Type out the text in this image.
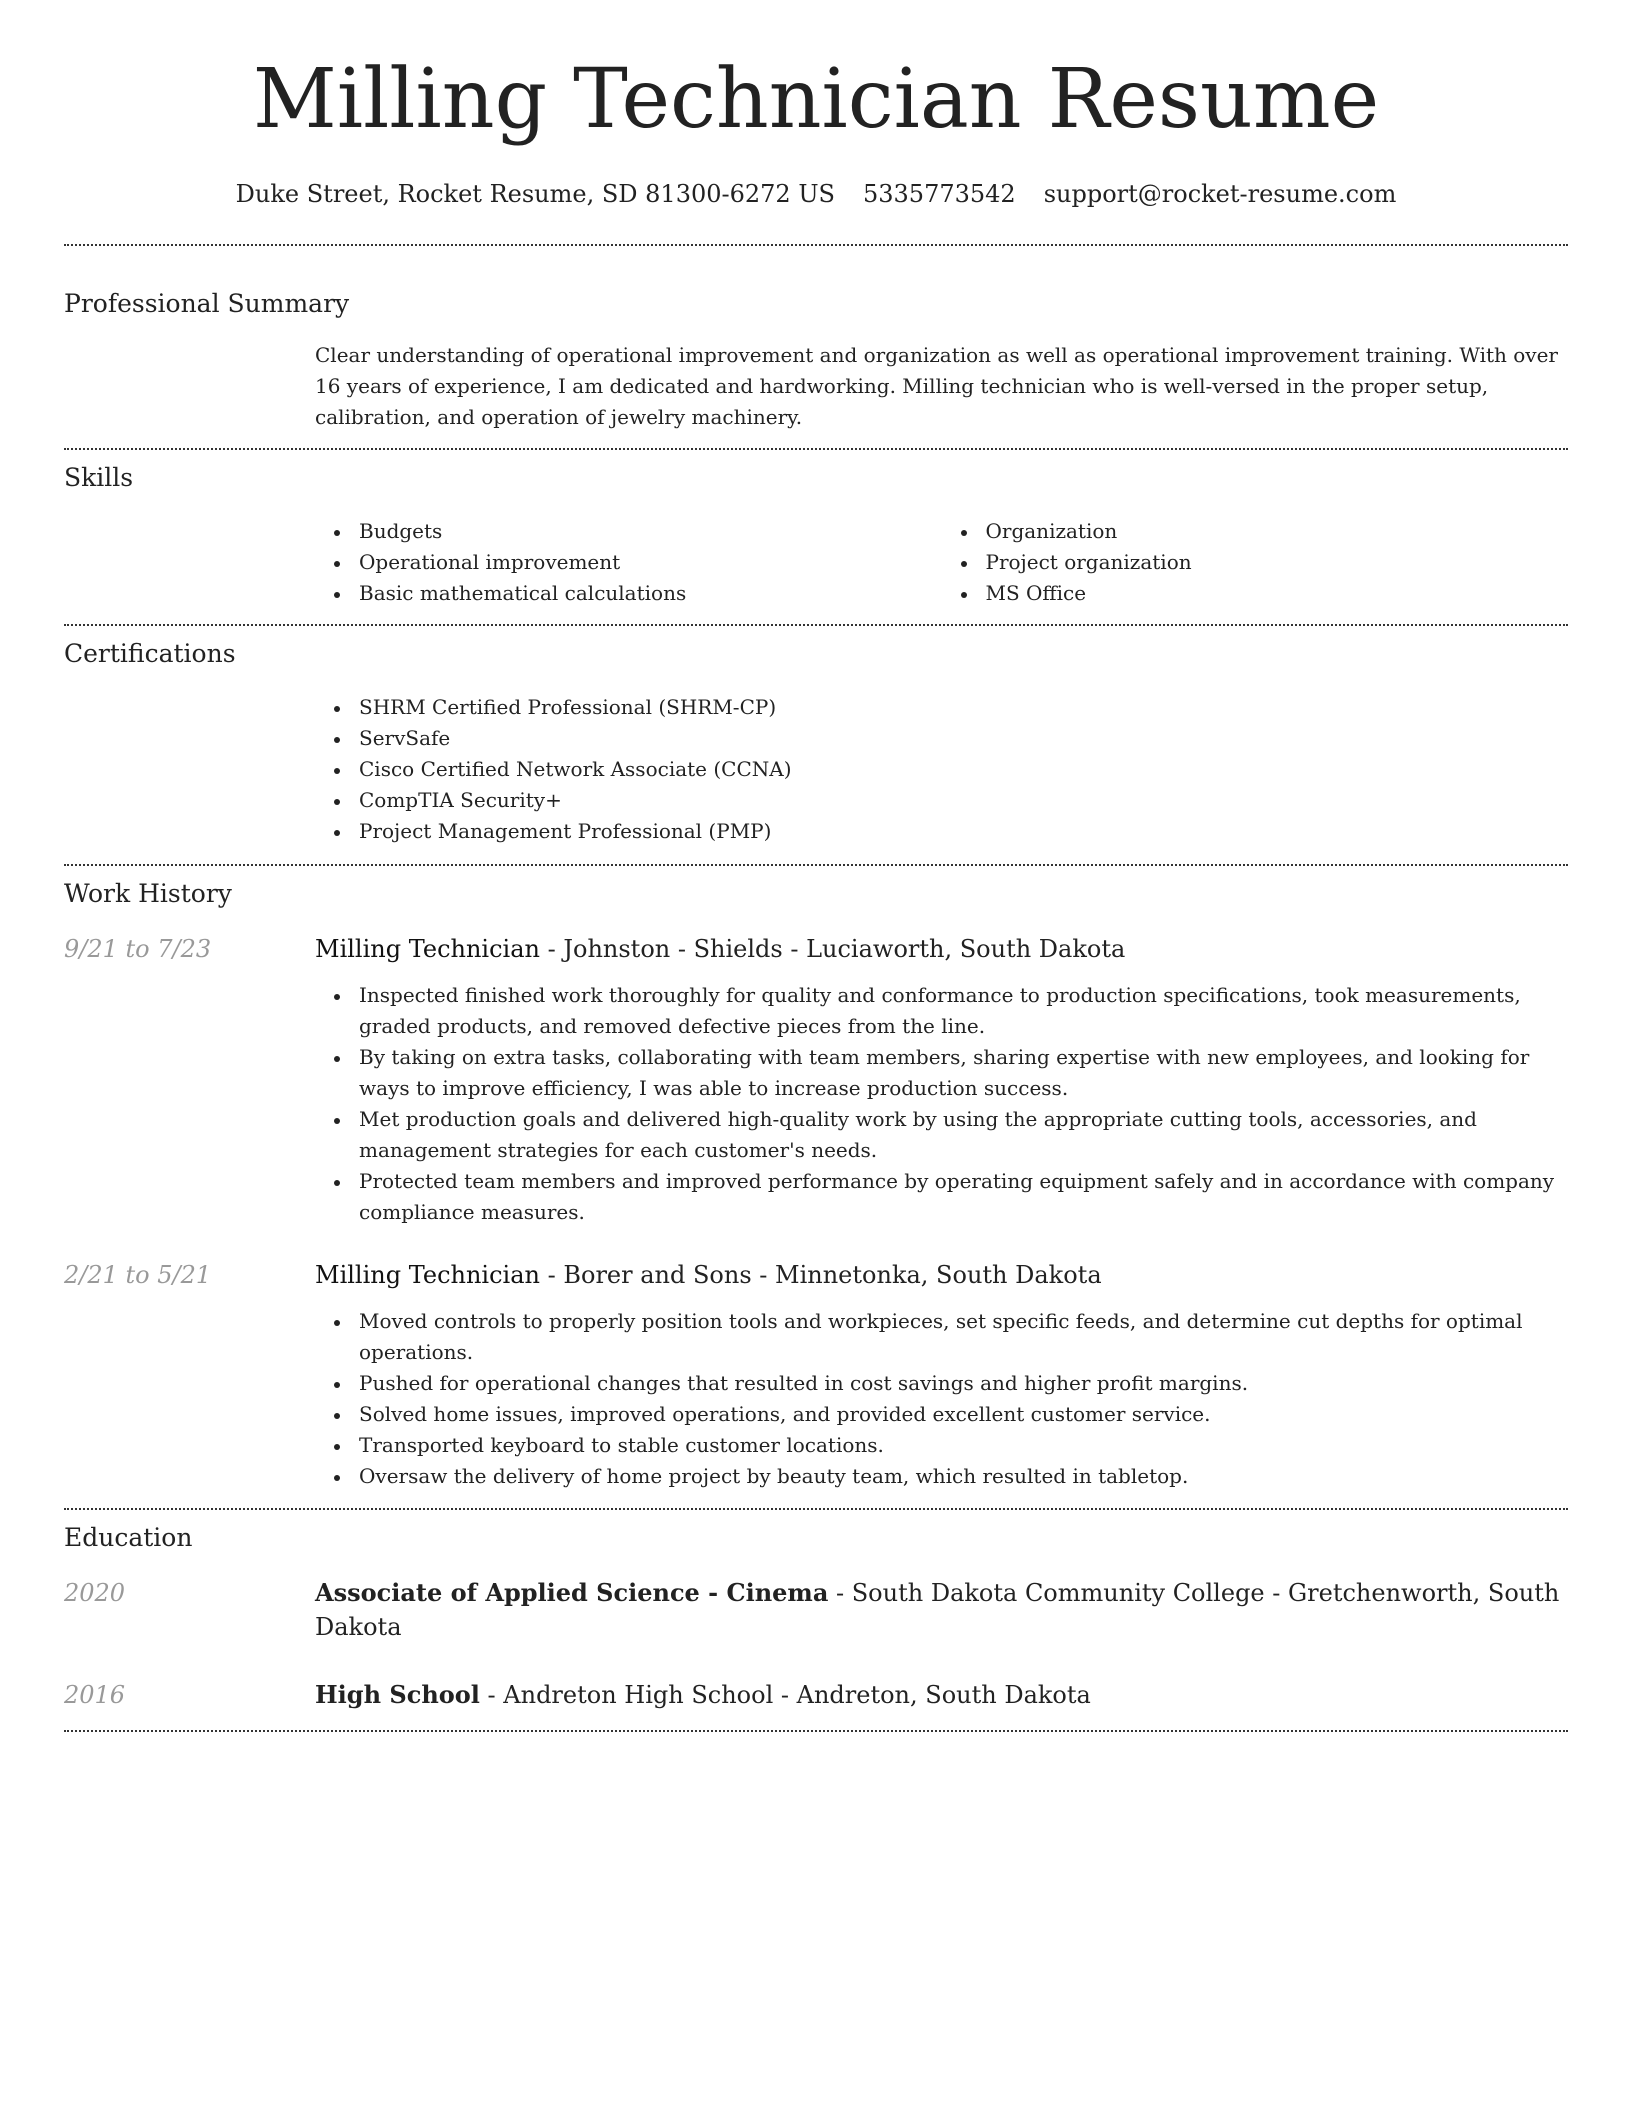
Milling Technician Resume
Duke Street, Rocket Resume, SD 81300-6272 US 5335773542 support@rocket-resume.com
Professional Summary
Clear understanding of operational improvement and organization as well as operational improvement training. With over 16 years of experience, I am dedicated and hardworking. Milling technician who is well-versed in the proper setup, calibration, and operation of jewelry machinery.
Skills
Budgets
Operational improvement
Basic mathematical calculations
Organization
Project organization
MS Office
Certifications
SHRM Certified Professional (SHRM-CP)
ServSafe
Cisco Certified Network Associate (CCNA)
CompTIA Security+
Project Management Professional (PMP)
Work History
9/21 to 7/23	Milling Technician - Johnston - Shields - Luciaworth, South Dakota
Inspected finished work thoroughly for quality and conformance to production specifications, took measurements, graded products, and removed defective pieces from the line.
By taking on extra tasks, collaborating with team members, sharing expertise with new employees, and looking for ways to improve efficiency, I was able to increase production success.
Met production goals and delivered high-quality work by using the appropriate cutting tools, accessories, and management strategies for each customer's needs.
Protected team members and improved performance by operating equipment safely and in accordance with company compliance measures.
2/21 to 5/21	Milling Technician - Borer and Sons - Minnetonka, South Dakota
Moved controls to properly position tools and workpieces, set specific feeds, and determine cut depths for optimal operations.
Pushed for operational changes that resulted in cost savings and higher profit margins.
Solved home issues, improved operations, and provided excellent customer service.
Transported keyboard to stable customer locations.
Oversaw the delivery of home project by beauty team, which resulted in tabletop.
Education
2020	Associate of Applied Science - Cinema - South Dakota Community College - Gretchenworth, South Dakota
2016	High School - Andreton High School - Andreton, South Dakota
